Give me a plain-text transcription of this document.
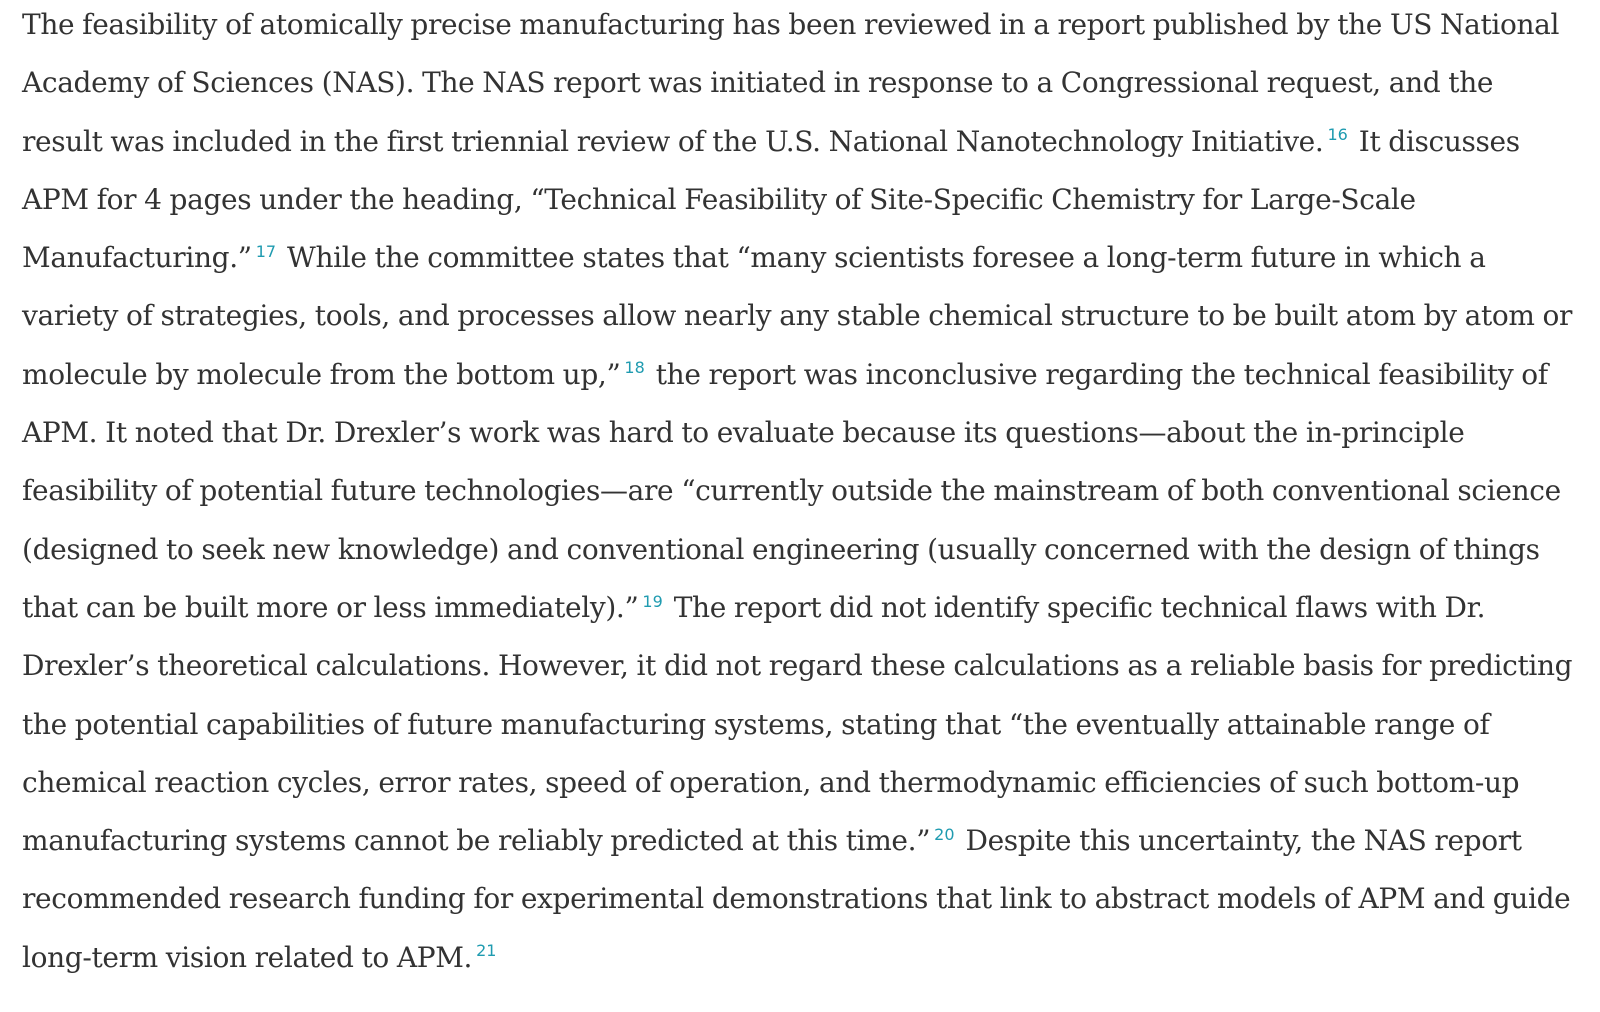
The feasibility of atomically precise manufacturing has been reviewed in a report published by the US National Academy of Sciences (NAS). The NAS report was initiated in response to a Congressional request, and the result was included in the first triennial review of the U.S. National Nanotechnology Initiative. $^{16}$ It discusses APM for 4 pages under the heading, “Technical Feasibility of Site-Specific Chemistry for Large-Scale Manufacturing.” $^{17}$ While the committee states that “many scientists foresee a long-term future in which a variety of strategies, tools, and processes allow nearly any stable chemical structure to be built atom by atom or molecule by molecule from the bottom up,” $^{18}$ the report was inconclusive regarding the technical feasibility of APM. It noted that Dr. Drexler’s work was hard to evaluate because its questions—about the in-principle feasibility of potential future technologies—are “currently outside the mainstream of both conventional science (designed to seek new knowledge) and conventional engineering (usually concerned with the design of things that can be built more or less immediately).” $^{19}$ The report did not identify specific technical flaws with Dr. Drexler’s theoretical calculations. However, it did not regard these calculations as a reliable basis for predicting the potential capabilities of future manufacturing systems, stating that “the eventually attainable range of chemical reaction cycles, error rates, speed of operation, and thermodynamic efficiencies of such bottom-up manufacturing systems cannot be reliably predicted at this time.” $^{20}$ Despite this uncertainty, the NAS report recommended research funding for experimental demonstrations that link to abstract models of APM and guide long-term vision related to APM. $^{21}$
